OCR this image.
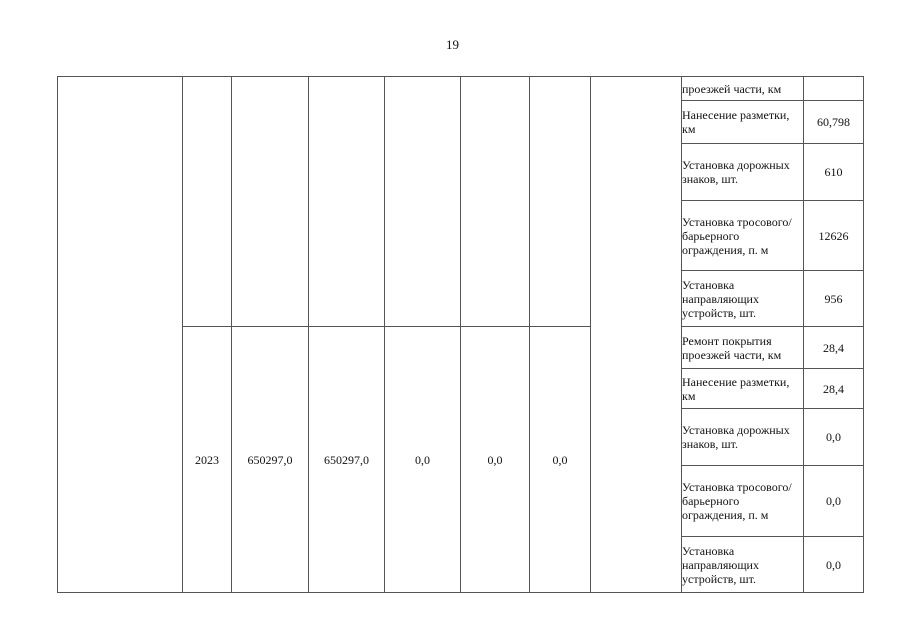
19

								проезжей части, км	

								Нанесение разметки, км	60,798

								Установка дорожных знаков, шт.	610

								Установка тросового/ барьерного ограждения, п. м	12626

								Установка направляющих устройств, шт.	956
	2023	650297,0	650297,0	0,0	0,0	0,0		Ремонт покрытия проезжей части, км	28,4

								Нанесение разметки, км	28,4

								Установка дорожных знаков, шт.	0,0

								Установка тросового/ барьерного ограждения, п. м	0,0

								Установка направляющих устройств, шт.	0,0
